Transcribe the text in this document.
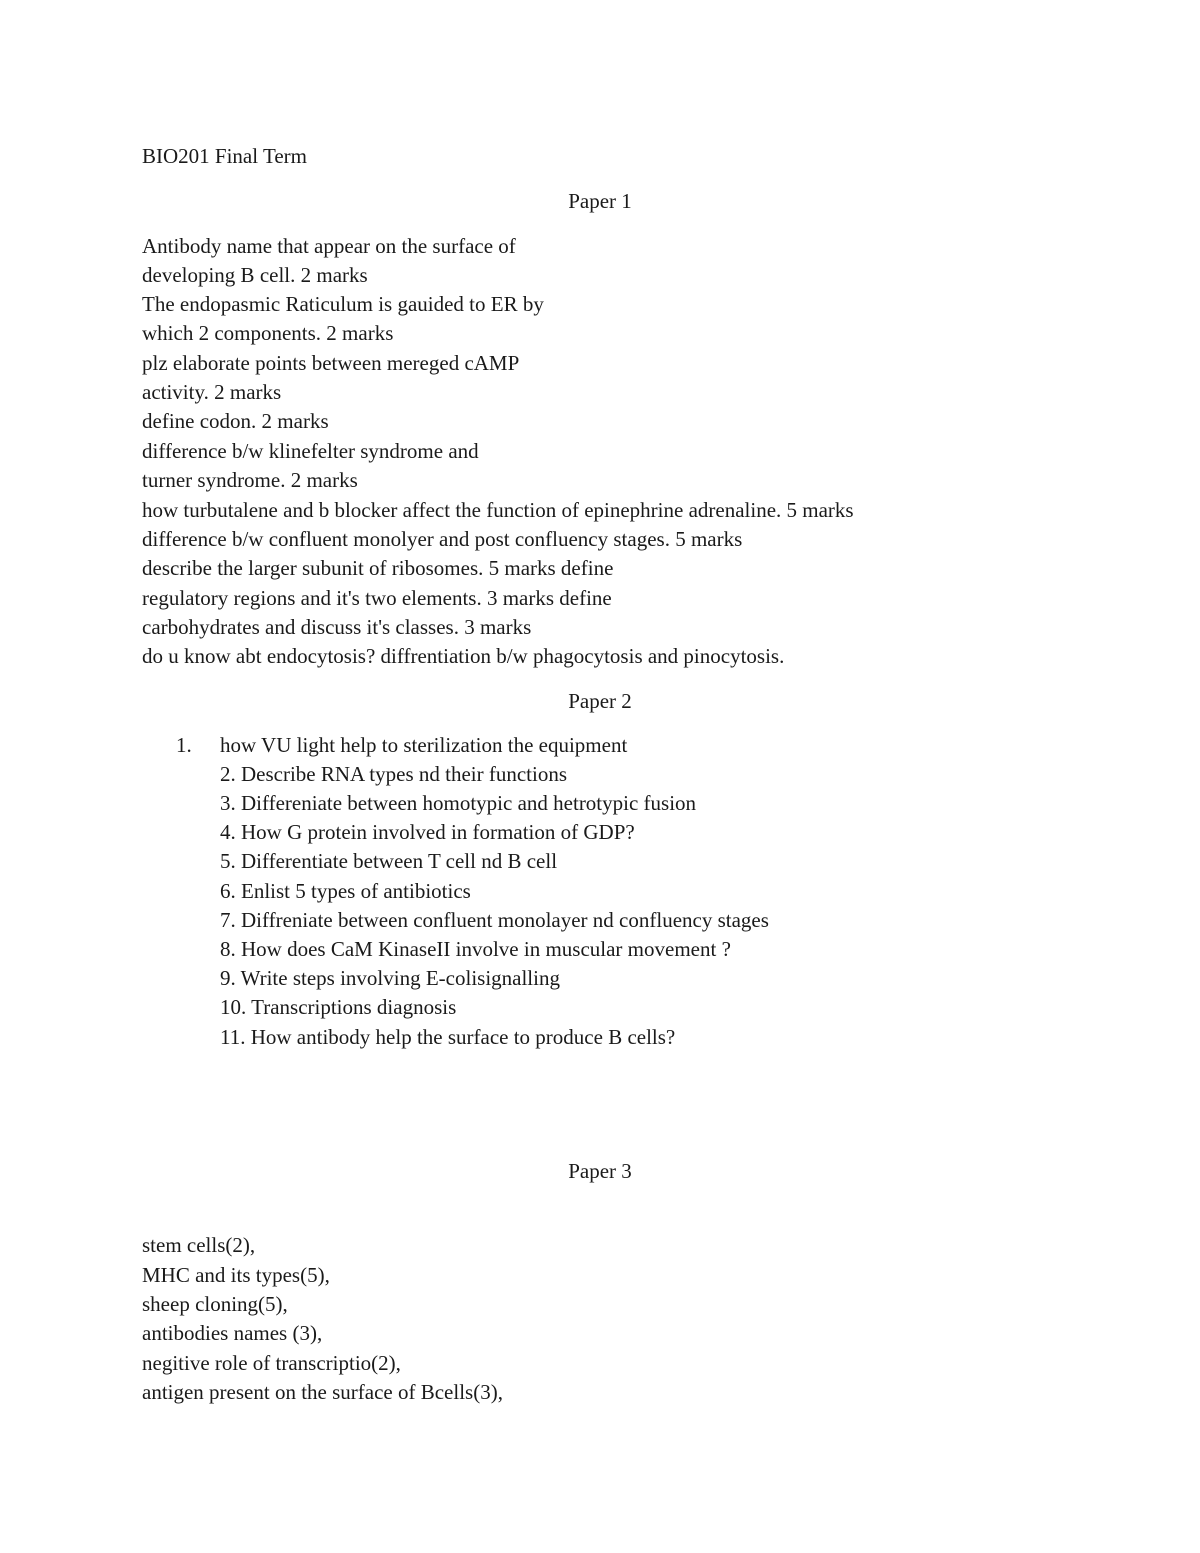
BIO201 Final Term
Paper 1
Antibody name that appear on the surface of
developing B cell. 2 marks
The endopasmic Raticulum is gauided to ER by
which 2 components. 2 marks
plz elaborate points between mereged cAMP
activity. 2 marks
define codon. 2 marks
difference b/w klinefelter syndrome and
turner syndrome. 2 marks
how turbutalene and b blocker affect the function of epinephrine adrenaline. 5 marks
difference b/w confluent monolyer and post confluency stages. 5 marks
describe the larger subunit of ribosomes. 5 marks define
regulatory regions and it's two elements. 3 marks define
carbohydrates and discuss it's classes. 3 marks
do u know abt endocytosis? diffrentiation b/w phagocytosis and pinocytosis.
Paper 2
1. how VU light help to sterilization the equipment
2. Describe RNA types nd their functions
3. Differeniate between homotypic and hetrotypic fusion
4. How G protein involved in formation of GDP?
5. Differentiate between T cell nd B cell
6. Enlist 5 types of antibiotics
7. Diffreniate between confluent monolayer nd confluency stages
8. How does CaM KinaseII involve in muscular movement ?
9. Write steps involving E-colisignalling
10. Transcriptions diagnosis
11. How antibody help the surface to produce B cells?
Paper 3
stem cells(2),
MHC and its types(5),
sheep cloning(5),
antibodies names (3),
negitive role of transcriptio(2),
antigen present on the surface of Bcells(3),
